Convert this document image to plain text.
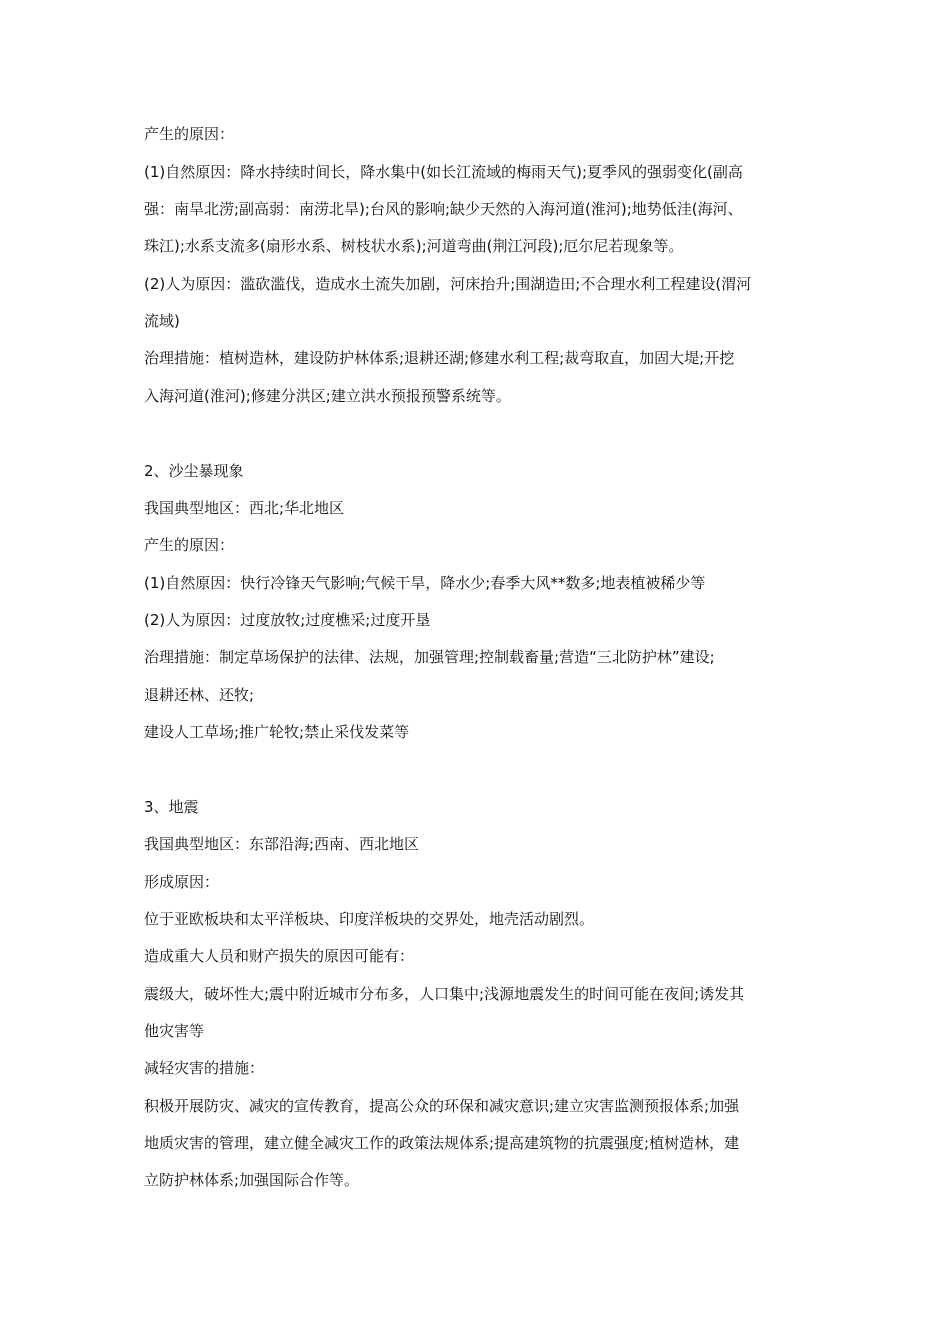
产生的原因：
(1)自然原因：降水持续时间长，降水集中(如长江流域的梅雨天气);夏季风的强弱变化(副高
强：南旱北涝;副高弱：南涝北旱);台风的影响;缺少天然的入海河道(淮河);地势低洼(海河、
珠江);水系支流多(扇形水系、树枝状水系);河道弯曲(荆江河段);厄尔尼若现象等。
(2)人为原因：滥砍滥伐，造成水土流失加剧，河床抬升;围湖造田;不合理水利工程建设(渭河
流域)
治理措施：植树造林，建设防护林体系;退耕还湖;修建水利工程;裁弯取直，加固大堤;开挖
入海河道(淮河);修建分洪区;建立洪水预报预警系统等。
2、沙尘暴现象
我国典型地区：西北;华北地区
产生的原因：
(1)自然原因：快行冷锋天气影响;气候干旱，降水少;春季大风**数多;地表植被稀少等
(2)人为原因：过度放牧;过度樵采;过度开垦
治理措施：制定草场保护的法律、法规，加强管理;控制载畜量;营造“三北防护林”建设;
退耕还林、还牧;
建设人工草场;推广轮牧;禁止采伐发菜等
3、地震
我国典型地区：东部沿海;西南、西北地区
形成原因：
位于亚欧板块和太平洋板块、印度洋板块的交界处，地壳活动剧烈。
造成重大人员和财产损失的原因可能有：
震级大，破坏性大;震中附近城市分布多，人口集中;浅源地震发生的时间可能在夜间;诱发其
他灾害等
减轻灾害的措施：
积极开展防灾、减灾的宣传教育，提高公众的环保和减灾意识;建立灾害监测预报体系;加强
地质灾害的管理，建立健全减灾工作的政策法规体系;提高建筑物的抗震强度;植树造林，建
立防护林体系;加强国际合作等。
